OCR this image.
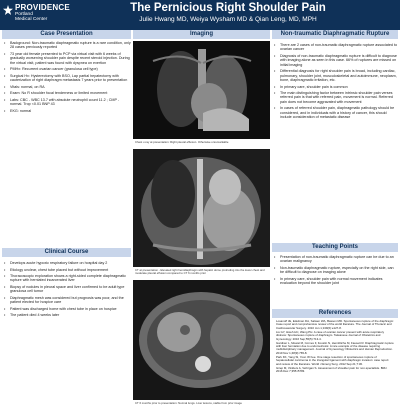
PROVIDENCE
Portland
Medical Center
The Pernicious Right Shoulder Pain
Julie Hwang MD, Weiya Wysham MD & Qian Leng, MD, MPH
Case Presentation
• Background: Non-traumatic diaphragmatic rupture is a rare condition, only 28 cases previously reported
• 73 year old female presented to PCP via virtual visit with 6 weeks of gradually worsening shoulder pain despite recent steroid injection. During the virtual visit, patient was found with dyspnea on exertion
• PMHx: Recurrent ovarian cancer (granulosa cell type)
• Surgical Hx: Hysterectomy with BSO, Lap partial hepatectomy with cauterization of right diaphragm metastasis 7 years prior to presentation
• Vitals: normal, on RA
• Exam: No R shoulder focal tenderness or limited movement
• Labs: CBC - WBC 13.7 with absolute neutrophil count 11.2 ; CMP - normal. Trop <0.01 BNP 43
• EKG: normal
Clinical Course
• Develops acute hypoxic respiratory failure on hospital day 2
• Etiology unclear, chest tube placed but without improvement
• Thoracoscopic exploration shows a right-sided complete diaphragmatic rupture with herniated incarcerated liver
• Biopsy of nodules in pleural space and liver confirmed to be adult type granulosa cell tumor
• Diaphragmatic mesh was considered but prognosis was poor, and the patient elected for hospice care
• Patient was discharged home with chest tube in place on hospice
• The patient died 4 weeks later
Imaging
Chest x-ray at presentation: Right pleural effusion. Otherwise unremarkable
CT at presentation - Elevated right hemidiaphragm with hepatic dome protruding into the lower chest and moderate pleural effusion compared to CT 6 months prior
CT 6 months prior to presentation: Normal lungs. Liver lesions, stable from prior image
Non-traumatic Diaphragmatic Rupture
• There are 2 cases of non-traumatic diaphragmatic rupture associated to ovarian cancer
• Diagnosis of non-traumatic diaphragmatic rupture is difficult to diagnose with imaging alone as seen in this case. 66% of ruptures are missed on initial imaging
• Differential diagnosis for right shoulder pain is broad, including cardiac, pulmonary, shoulder joint, musculoskeletal and autoimmune, neoplasm, bone, diaphragmatic irritation, etc.
• In primary care, shoulder pain is common
• The main distinguishing factor between intrinsic shoulder pain verses referred pain is that with referred pain, movement is normal. Referred pain does not become aggravated with movement
• In cases of referred shoulder pain, diaphragmatic pathology should be considered, and in individuals with a history of cancer, this should include consideration of metastatic disease
Teaching Points
• Presentation of non-traumatic diaphragmatic rupture can be due to an ovarian malignancy
• Non-traumatic diaphragmatic rupture, especially on the right side, can be difficult to diagnose on imaging alone
• In primary care, shoulder pain with normal movement indicates evaluation beyond the shoulder joint
References
Losanoff JE, Edelman DA, Salwen WA, Basson MD. Spontaneous rupture of the diaphragm: Case report and comprehensive review of the world literature. The Journal of Thoracic and Cardiovascular Surgery. 2010 Jun 1;139(6):e127-8.
Liu GY, Hsieh HC, Wang PH. A case of ovarian cancer present with acute respiratory distress: Spontaneous rupture of diaphragm. Taiwanese Journal of Obstetrics and Gynecology. 2016 Sep;55(5):713-4.
Gardiner L, Mowat M, Cornes F, Foustin N, Hennbliche M, Fausett R. Diaphragmatic rupture with liver herniation due to endometriosis: A rare example of the disease requiring multidisciplinary management. Journal of Gynecology Obstetrics and Human Reproduction. 2019 Nov 1;48(9):765-8.
Park KK, Yang SI, Yoon W hee. One stage resection of spontaneous rupture of hepatocellular carcinoma in the triangular ligament with diaphragm invasion: case report and review of the literature. World J Emerg Surg. 2012 Sep 21;7:30.
Griep M, Vinklers A, Vehrigan S. Assessment of shoulder pain for non-specialists. BMJ. 2016 Dec 7;355:i5783.
